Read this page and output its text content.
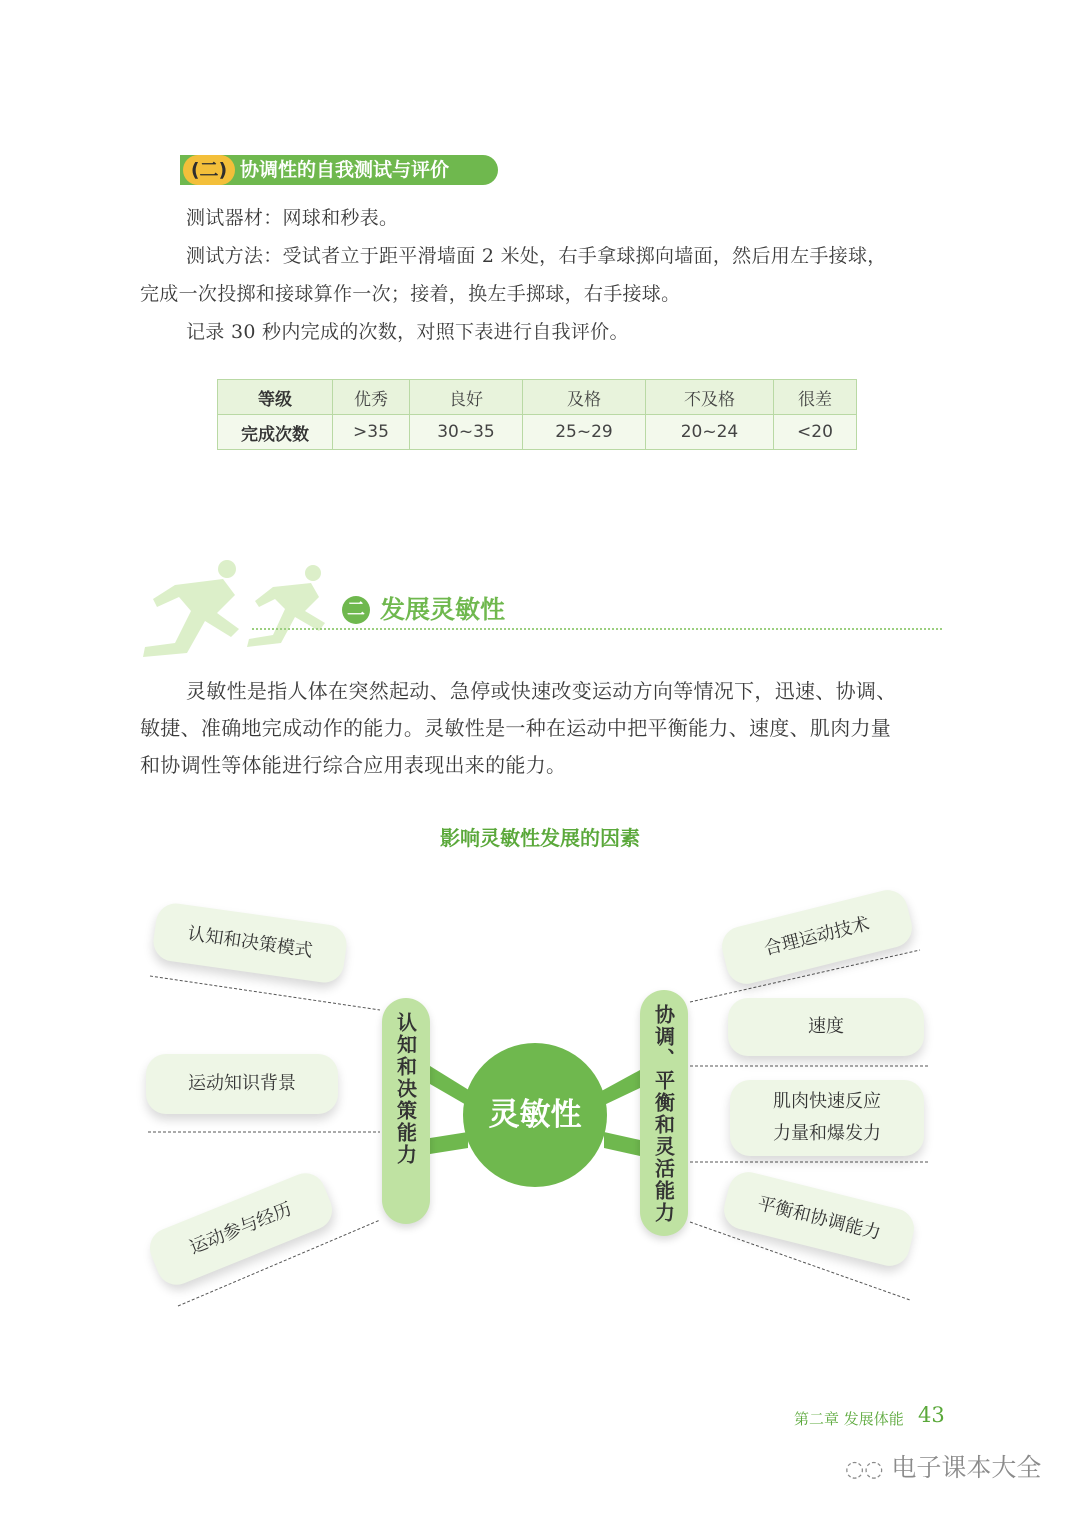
(二) 协调性的自我测试与评价
测试器材：网球和秒表。
测试方法：受试者立于距平滑墙面 2 米处，右手拿球掷向墙面，然后用左手接球，
完成一次投掷和接球算作一次；接着，换左手掷球，右手接球。
记录 30 秒内完成的次数，对照下表进行自我评价。
等级	优秀	良好	及格	不及格	很差
完成次数	>35	30~35	25~29	20~24	<20
二 发展灵敏性
灵敏性是指人体在突然起动、急停或快速改变运动方向等情况下，迅速、协调、
敏捷、准确地完成动作的能力。灵敏性是一种在运动中把平衡能力、速度、肌肉力量
和协调性等体能进行综合应用表现出来的能力。
影响灵敏性发展的因素
灵敏性
认知和决策能力	协调、平衡和灵活能力
认知和决策模式
运动知识背景
运动参与经历
合理运动技术
速度
肌肉快速反应
力量和爆发力
平衡和协调能力
第二章 发展体能 43
◌◌ 电子课本大全
